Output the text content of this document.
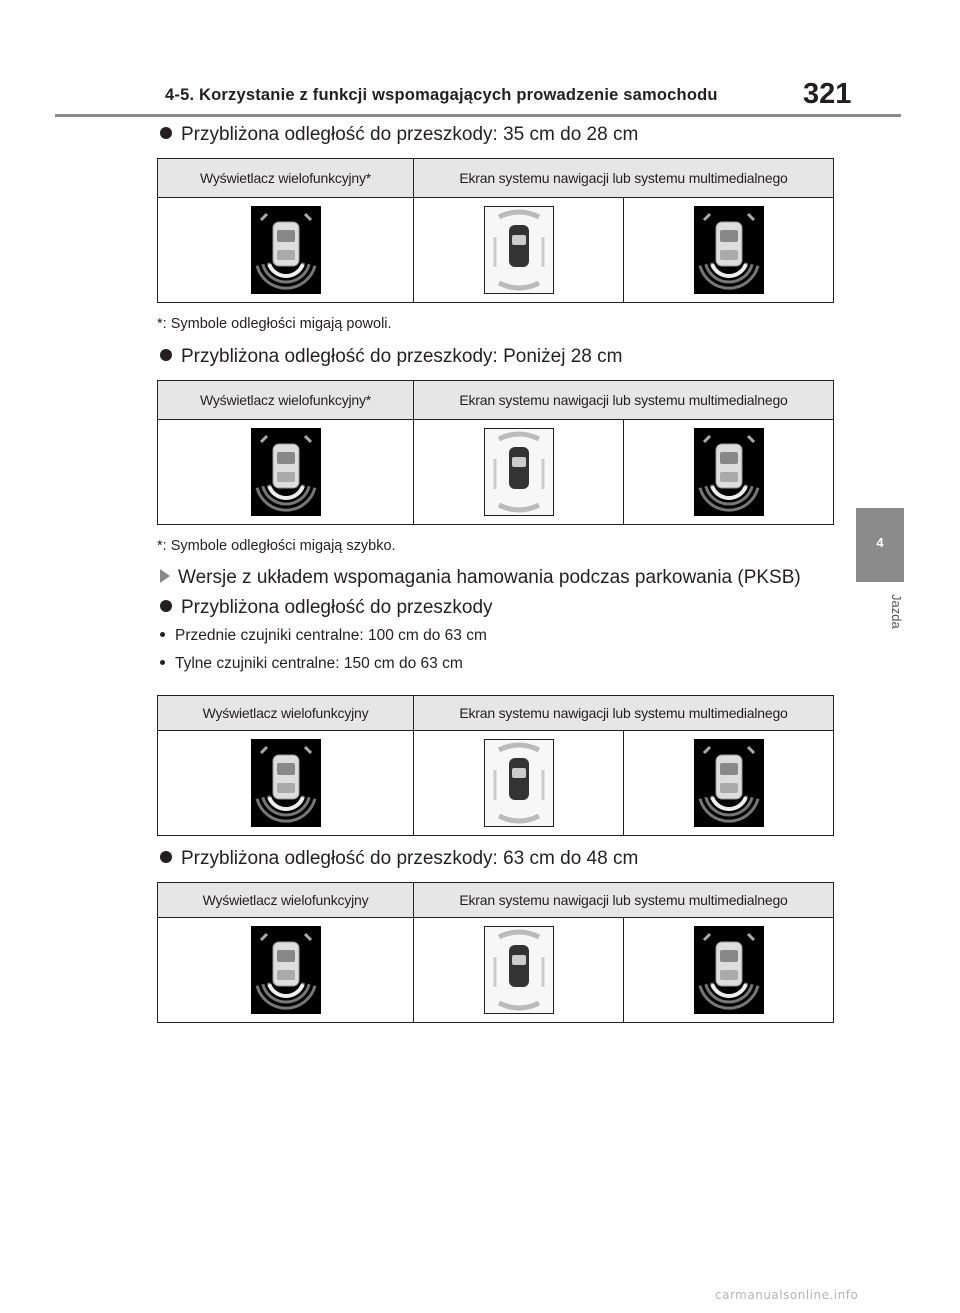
4-5. Korzystanie z funkcji wspomagających prowadzenie samochodu	321
4
Jazda
Przybliżona odległość do przeszkody: 35 cm do 28 cm
Wyświetlacz wielofunkcyjny*	Ekran systemu nawigacji lub systemu multimedialnego	

*: Symbole odległości migają powoli.
Przybliżona odległość do przeszkody: Poniżej 28 cm
Wyświetlacz wielofunkcyjny*	Ekran systemu nawigacji lub systemu multimedialnego	

*: Symbole odległości migają szybko.
Wersje z układem wspomagania hamowania podczas parkowania (PKSB)
Przybliżona odległość do przeszkody
Przednie czujniki centralne: 100 cm do 63 cm
Tylne czujniki centralne: 150 cm do 63 cm
Wyświetlacz wielofunkcyjny	Ekran systemu nawigacji lub systemu multimedialnego	

Przybliżona odległość do przeszkody: 63 cm do 48 cm
Wyświetlacz wielofunkcyjny	Ekran systemu nawigacji lub systemu multimedialnego	

carmanualsonline.info
